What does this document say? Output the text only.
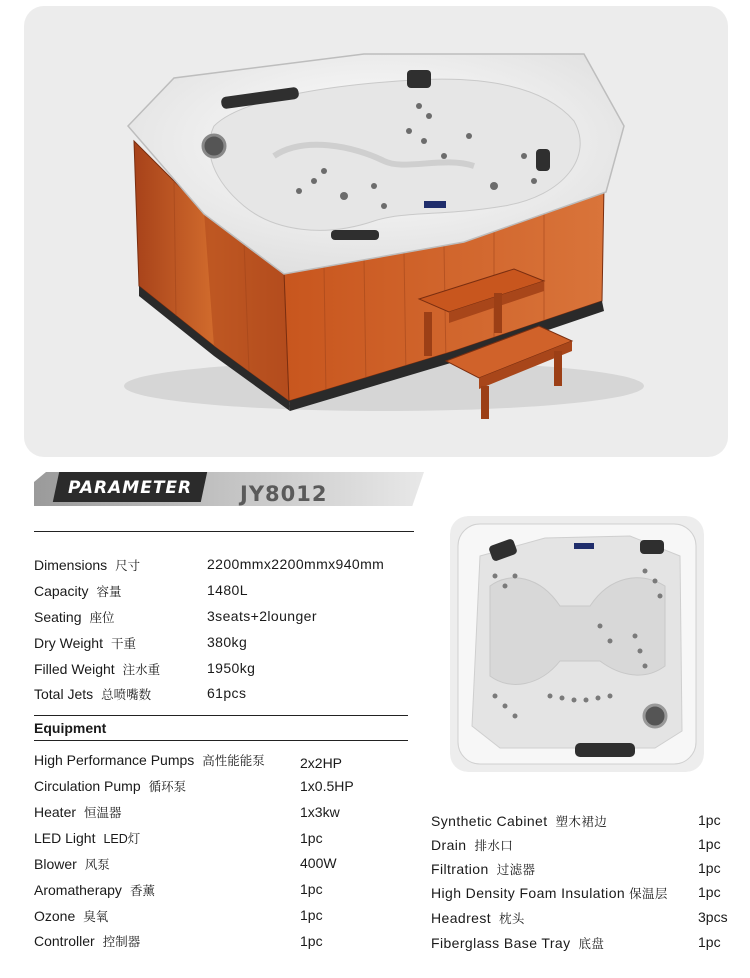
PARAMETER JY8012
Dimensions 尺寸	2200mmx2200mmx940mm
Capacity 容量	1480L
Seating 座位	3seats+2lounger
Dry Weight 干重	380kg
Filled Weight 注水重	1950kg
Total Jets 总喷嘴数	61pcs
Equipment
High Performance Pumps 高性能能泵	2x2HP
Circulation Pump 循环泵	1x0.5HP
Heater 恒温器	1x3kw
LED Light LED灯	1pc
Blower 风泵	400W
Aromatherapy 香薰	1pc
Ozone 臭氧	1pc
Controller 控制器	1pc
Synthetic Cabinet 塑木裙边	1pc
Drain 排水口	1pc
Filtration 过滤器	1pc
High Density Foam Insulation 保温层 1pc
Headrest 枕头	3pcs
Fiberglass Base Tray 底盘	1pc
